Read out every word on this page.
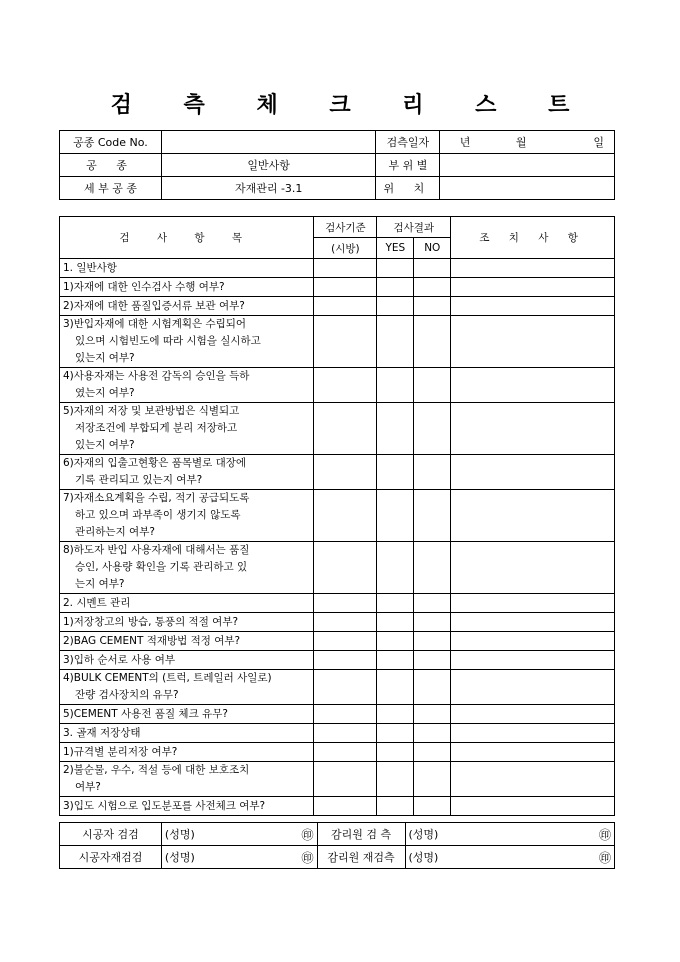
검 측 체 크 리 스 트
공종 Code No.		검측일자	년	월	일
공 종	일반사항	부 위 별			
세 부 공 종	자재관리 -3.1	위 치			
검 사 항 목	검사기준	검사결과		조 치 사 항
	(시방)	YES	NO	

1. 일반사항				

1)자재에 대한 인수검사 수행 여부?				

2)자재에 대한 품질입증서류 보관 여부?				

3)반입자재에 대한 시험계획은 수립되어
있으며 시험빈도에 따라 시험을 실시하고
있는지 여부?				

4)사용자재는 사용전 감독의 승인을 득하
였는지 여부?				

5)자재의 저장 및 보관방법은 식별되고
저장조건에 부합되게 분리 저장하고
있는지 여부?				

6)자재의 입출고현황은 품목별로 대장에
기록 관리되고 있는지 여부?				

7)자재소요계획을 수립, 적기 공급되도록
하고 있으며 과부족이 생기지 않도록
관리하는지 여부?				

8)하도자 반입 사용자재에 대해서는 품질
승인, 사용량 확인을 기록 관리하고 있
는지 여부?				

2. 시멘트 관리				

1)저장창고의 방습, 통풍의 적절 여부?				

2)BAG CEMENT 적재방법 적정 여부?				

3)입하 순서로 사용 여부				

4)BULK CEMENT의 (트럭, 트레일러 사일로)
잔량 검사장치의 유무?				

5)CEMENT 사용전 품질 체크 유무?				

3. 골재 저장상태				

1)규격별 분리저장 여부?				

2)불순물, 우수, 적설 등에 대한 보호조치
여부?				

3)입도 시험으로 입도분포를 사전체크 여부?				

시공자 검검	(성명) ㊞	감리원 검 측	(성명) ㊞

시공자재검검	(성명) ㊞	감리원 재검측	(성명) ㊞
